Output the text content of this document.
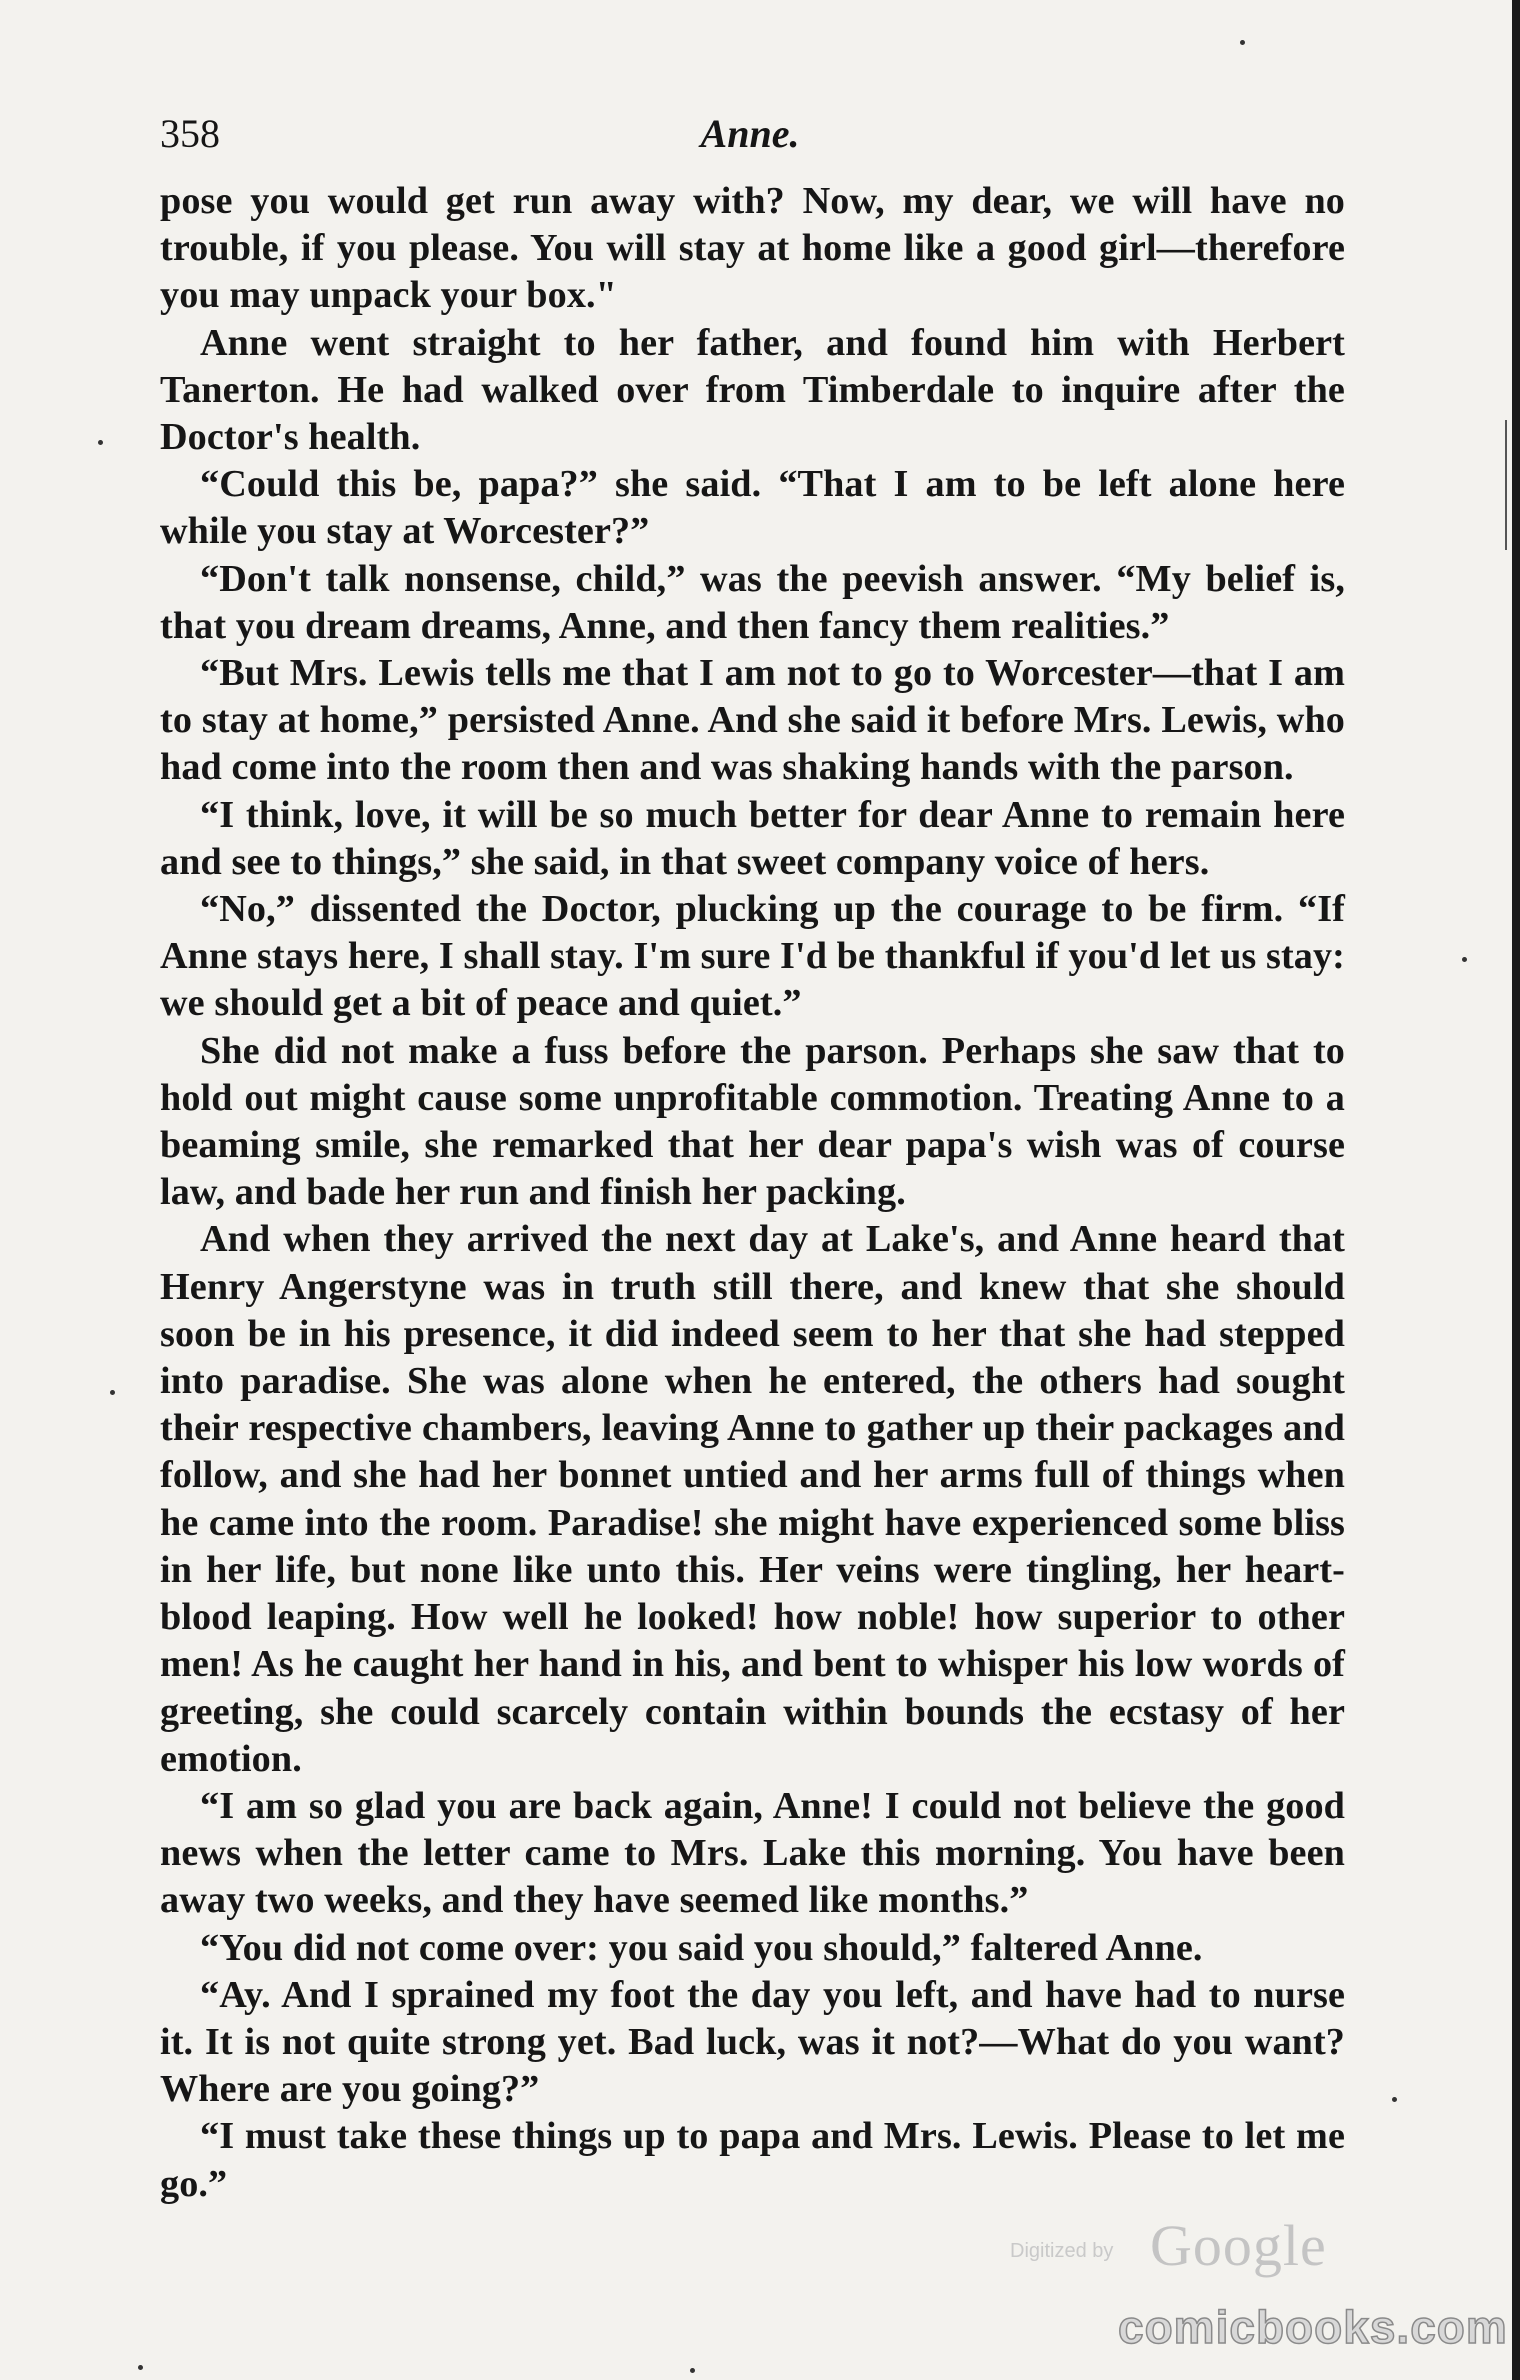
358	Anne.

pose you would get run away with? Now, my dear, we will have no trouble, if you please. You will stay at home like a good girl—therefore you may unpack your box."

Anne went straight to her father, and found him with Herbert Tanerton. He had walked over from Timberdale to inquire after the Doctor's health.

“Could this be, papa?” she said. “That I am to be left alone here while you stay at Worcester?”

“Don't talk nonsense, child,” was the peevish answer. “My belief is, that you dream dreams, Anne, and then fancy them realities.”

“But Mrs. Lewis tells me that I am not to go to Worcester—that I am to stay at home,” persisted Anne. And she said it before Mrs. Lewis, who had come into the room then and was shaking hands with the parson.

“I think, love, it will be so much better for dear Anne to remain here and see to things,” she said, in that sweet company voice of hers.

“No,” dissented the Doctor, plucking up the courage to be firm. “If Anne stays here, I shall stay. I'm sure I'd be thankful if you'd let us stay: we should get a bit of peace and quiet.”

She did not make a fuss before the parson. Perhaps she saw that to hold out might cause some unprofitable commotion. Treating Anne to a beaming smile, she remarked that her dear papa's wish was of course law, and bade her run and finish her packing.

And when they arrived the next day at Lake's, and Anne heard that Henry Angerstyne was in truth still there, and knew that she should soon be in his presence, it did indeed seem to her that she had stepped into paradise. She was alone when he entered, the others had sought their respective chambers, leaving Anne to gather up their packages and follow, and she had her bonnet untied and her arms full of things when he came into the room. Paradise! she might have experienced some bliss in her life, but none like unto this. Her veins were tingling, her heart-blood leaping. How well he looked! how noble! how superior to other men! As he caught her hand in his, and bent to whisper his low words of greeting, she could scarcely contain within bounds the ecstasy of her emotion.

“I am so glad you are back again, Anne! I could not believe the good news when the letter came to Mrs. Lake this morning. You have been away two weeks, and they have seemed like months.”

“You did not come over: you said you should,” faltered Anne.

“Ay. And I sprained my foot the day you left, and have had to nurse it. It is not quite strong yet. Bad luck, was it not?—What do you want? Where are you going?”

“I must take these things up to papa and Mrs. Lewis. Please to let me go.”

Digitized by Google
comicbooks.com
